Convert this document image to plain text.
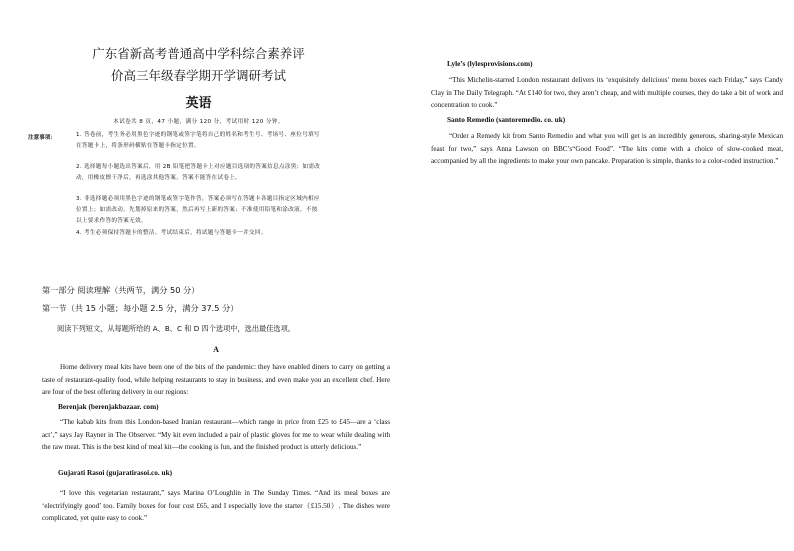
广东省新高考普通高中学科综合素养评
价高三年级春学期开学调研考试
英语
本试卷共 8 页，47 小题，满分 120 分，考试用时 120 分钟。
注意事项：	1. 答卷前，考生务必用黑色字迹的钢笔或签字笔将自己的姓名和考生号、考场号、座位号填写在答题卡上，将条形码横贴在答题卡指定位置。
2. 选择题每小题选出答案后，用 2B 铅笔把答题卡上对应题目选项的答案信息点涂黑；如需改动，用橡皮擦干净后，再选涂其他答案，答案不能答在试卷上。
3. 非选择题必须用黑色字迹的钢笔或签字笔作答，答案必须写在答题卡各题目指定区域内相应位置上；如需改动，先划掉原来的答案，然后再写上新的答案；不准使用铅笔和涂改液。不按以上要求作答的答案无效。
4. 考生必须保持答题卡的整洁。考试结束后，将试题与答题卡一并交回。
第一部分 阅读理解（共两节，满分 50 分）
第一节（共 15 小题；每小题 2.5 分，满分 37.5 分）
阅读下列短文，从每题所给的 A、B、C 和 D 四个选项中，选出最佳选项。
A
Home delivery meal kits have been one of the bits of the pandemic: they have enabled diners to carry on getting a taste of restaurant-quality food, while helping restaurants to stay in business, and even make you an excellent chef. Here are four of the best offering delivery in our regions:
Berenjak (berenjakbazaar. com)
“The kabab kits from this London-based Iranian restaurant—which range in price from £25 to £45—are a ‘class act’,” says Jay Rayner in The Observer. “My kit even included a pair of plastic gloves for me to wear while dealing with the raw meat. This is the best kind of meal kit—the cooking is fun, and the finished product is utterly delicious.”
Gujarati Rasoi (gujaratirasoi.co. uk)
“I love this vegetarian restaurant,” says Marina O’Loughlin in The Sunday Times. “And its meal boxes are ‘electrifyingly good’ too. Family boxes for four cost £65, and I especially love the starter（£15.50）. The dishes were complicated, yet quite easy to cook.”
Lyle’s (lylesprovisions.com)
“This Michelin-starred London restaurant delivers its ‘exquisitely delicious’ menu boxes each Friday,” says Candy Clay in The Daily Telegraph. “At £140 for two, they aren’t cheap, and with multiple courses, they do take a bit of work and concentration to cook.”
Santo Remedio (santoremedio. co. uk)
“Order a Remedy kit from Santo Remedio and what you will get is an incredibly generous, sharing-style Mexican feast for two,” says Anna Lawson on BBC’s“Good Food”. “The kits come with a choice of slow-cooked meat, accompanied by all the ingredients to make your own pancake. Preparation is simple, thanks to a color-coded instruction.”
